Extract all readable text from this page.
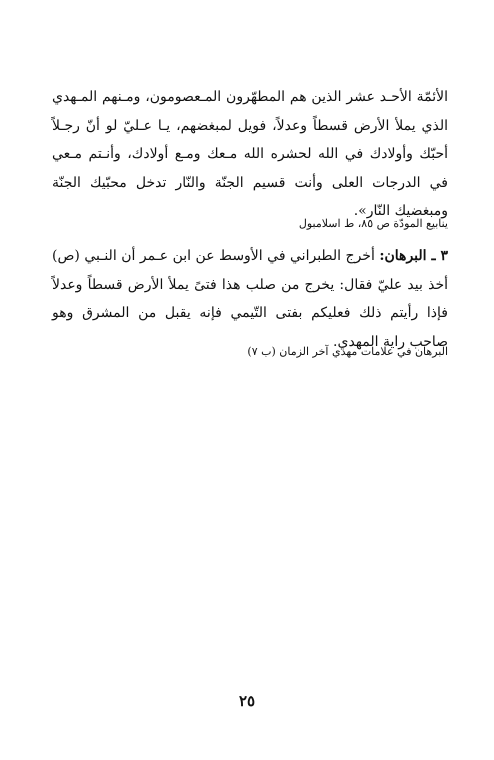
الأئمّة الأحـد عشر الذين هم المطهّرون المـعصومون، ومـنهم المـهدي الذي يملأ الأرض قسطاً وعدلاً، فويل لمبغضهم، يـا عـليّ لو أنّ رجـلاً أحبّك وأولادك في الله لحشره الله مـعك ومـع أولادك، وأنـتم مـعي في الدرجات العلى وأنت قسيم الجنّة والنّار تدخل محبّيك الجنّة ومبغضيك النّار».

ينابيع المودّة ص ٨٥، ط اسلامبول

٣ ـ البرهان: أخرج الطبراني في الأوسط عن ابن عـمر أن النـبي (ص) أخذ بيد عليّ فقال: يخرج من صلب هذا فتىً يملأ الأرض قسطاً وعدلاً فإذا رأيتم ذلك فعليكم بفتى التّيمي فإنه يقبل من المشرق وهو صاحب راية المهدي.

البرهان في علامات مهدي آخر الزمان (ب ٧)
٢٥
